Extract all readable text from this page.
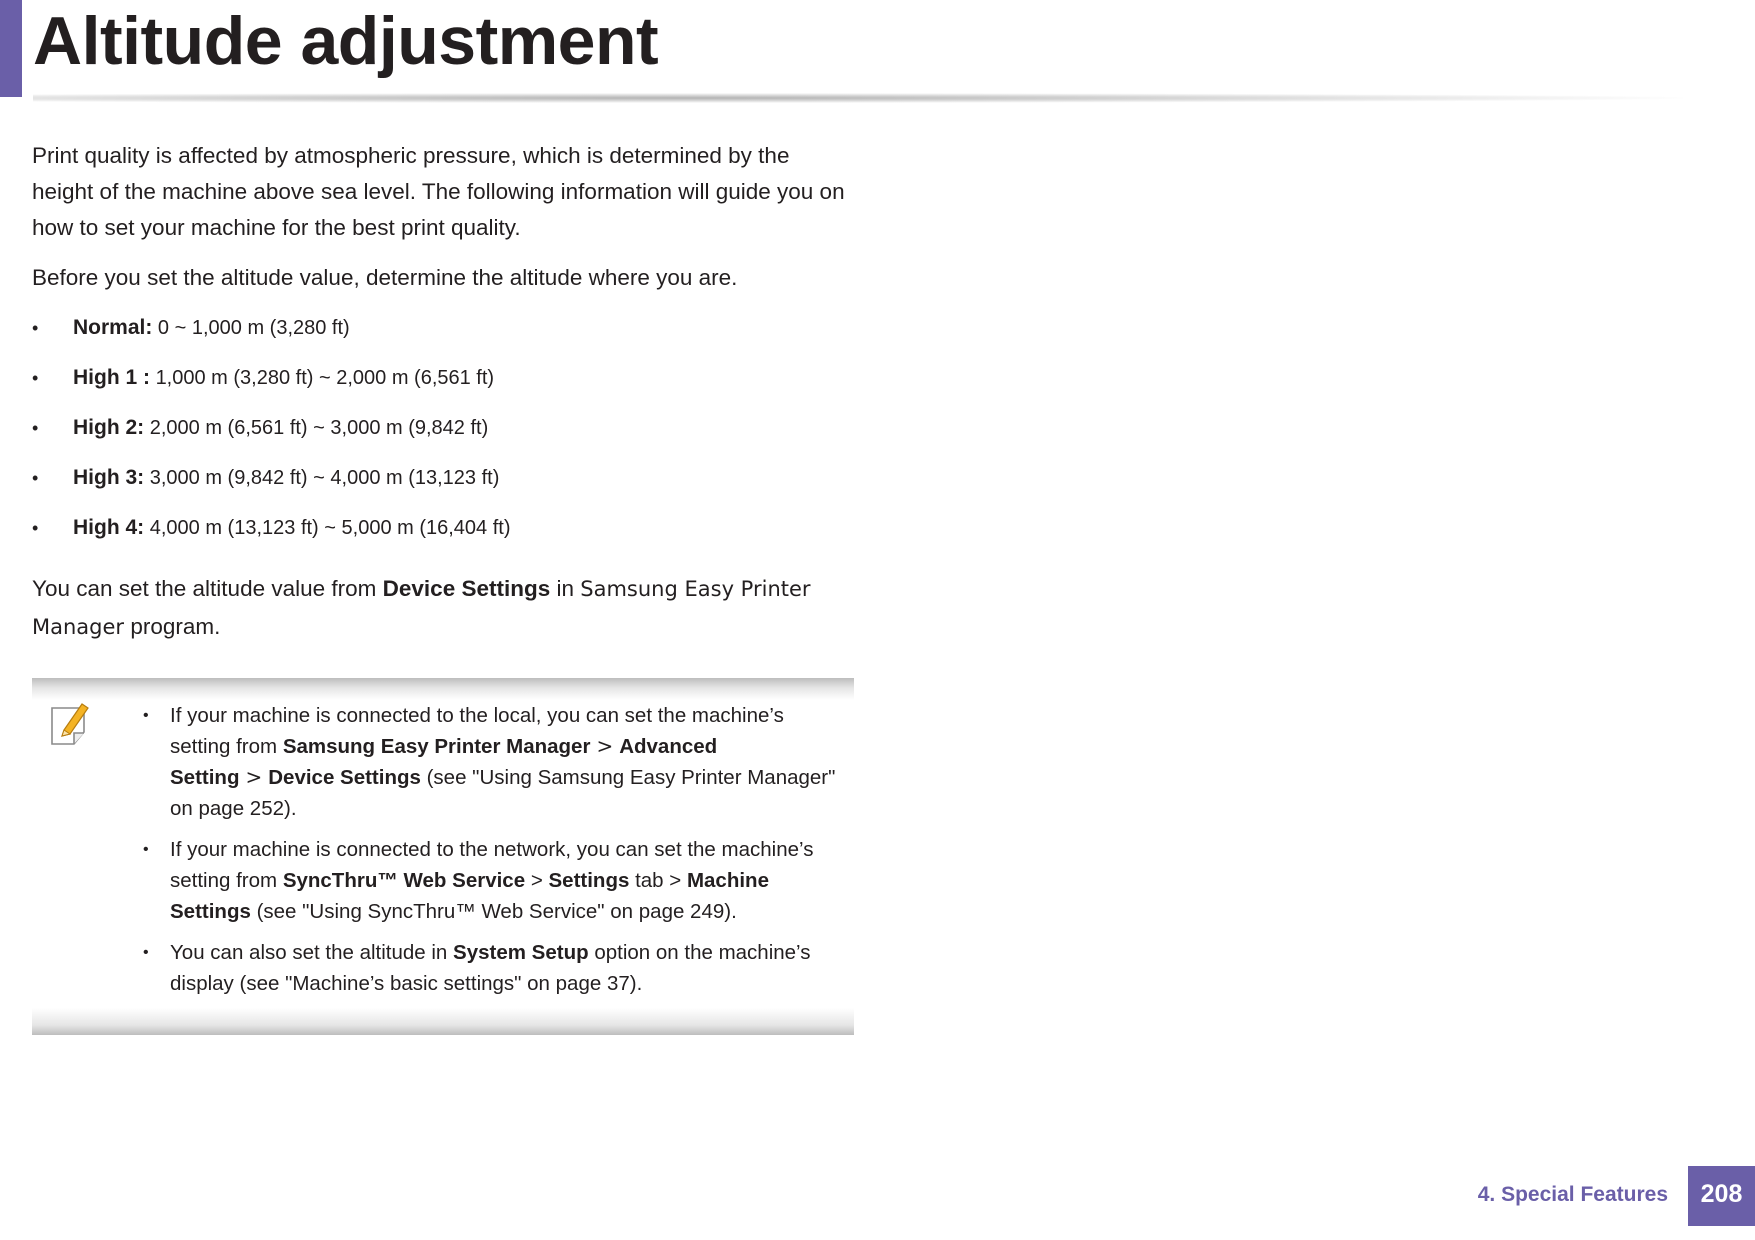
Altitude adjustment

Print quality is affected by atmospheric pressure, which is determined by the height of the machine above sea level. The following information will guide you on how to set your machine for the best print quality.

Before you set the altitude value, determine the altitude where you are.

• Normal: 0 ~ 1,000 m (3,280 ft)
• High 1 : 1,000 m (3,280 ft) ~ 2,000 m (6,561 ft)
• High 2: 2,000 m (6,561 ft) ~ 3,000 m (9,842 ft)
• High 3: 3,000 m (9,842 ft) ~ 4,000 m (13,123 ft)
• High 4: 4,000 m (13,123 ft) ~ 5,000 m (16,404 ft)

You can set the altitude value from Device Settings in Samsung Easy Printer Manager program.

• If your machine is connected to the local, you can set the machine’s setting from Samsung Easy Printer Manager > Advanced Setting > Device Settings (see "Using Samsung Easy Printer Manager" on page 252).
• If your machine is connected to the network, you can set the machine’s setting from SyncThru™ Web Service > Settings tab > Machine Settings (see "Using SyncThru™ Web Service" on page 249).
• You can also set the altitude in System Setup option on the machine’s display (see "Machine’s basic settings" on page 37).
4. Special Features	208
